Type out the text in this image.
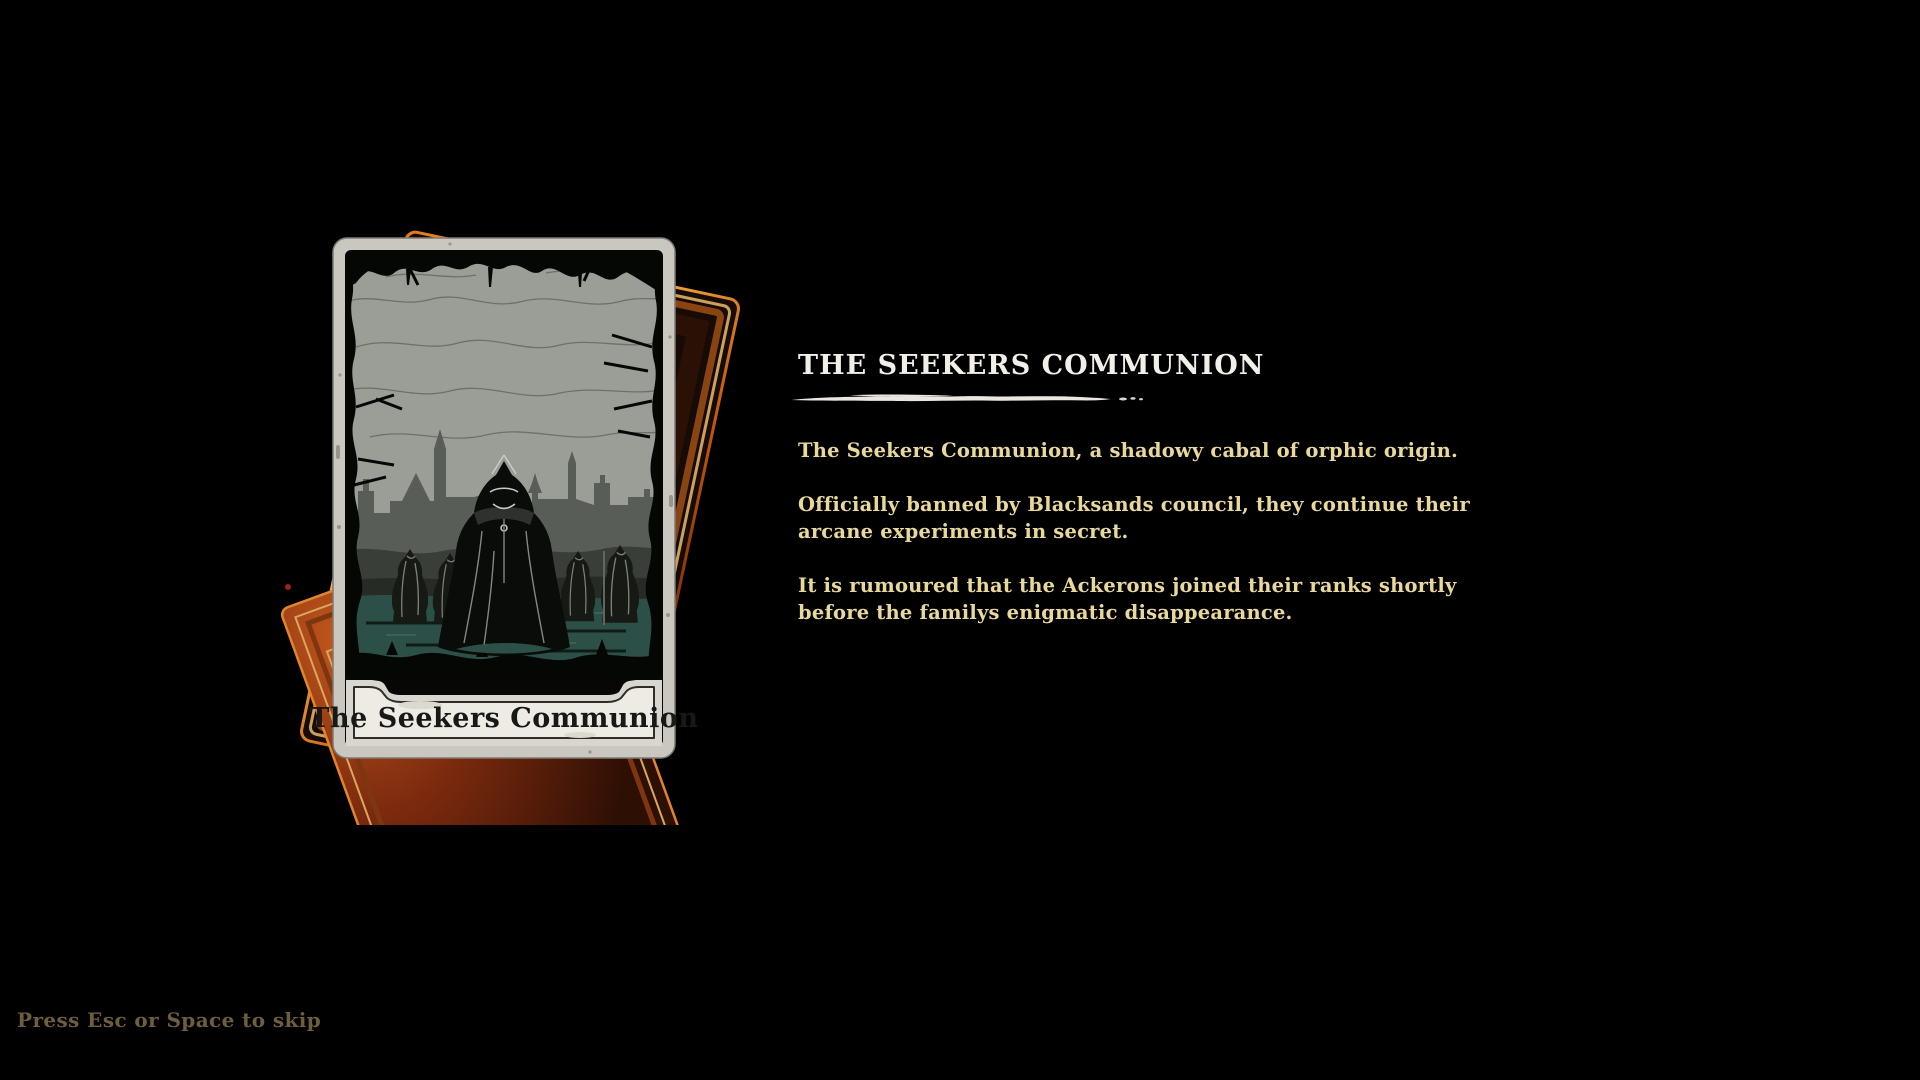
The Seekers Communion
THE SEEKERS COMMUNION

The Seekers Communion, a shadowy cabal of orphic origin.

Officially banned by Blacksands council, they continue their arcane experiments in secret.

It is rumoured that the Ackerons joined their ranks shortly before the familys enigmatic disappearance.

Press Esc or Space to skip
